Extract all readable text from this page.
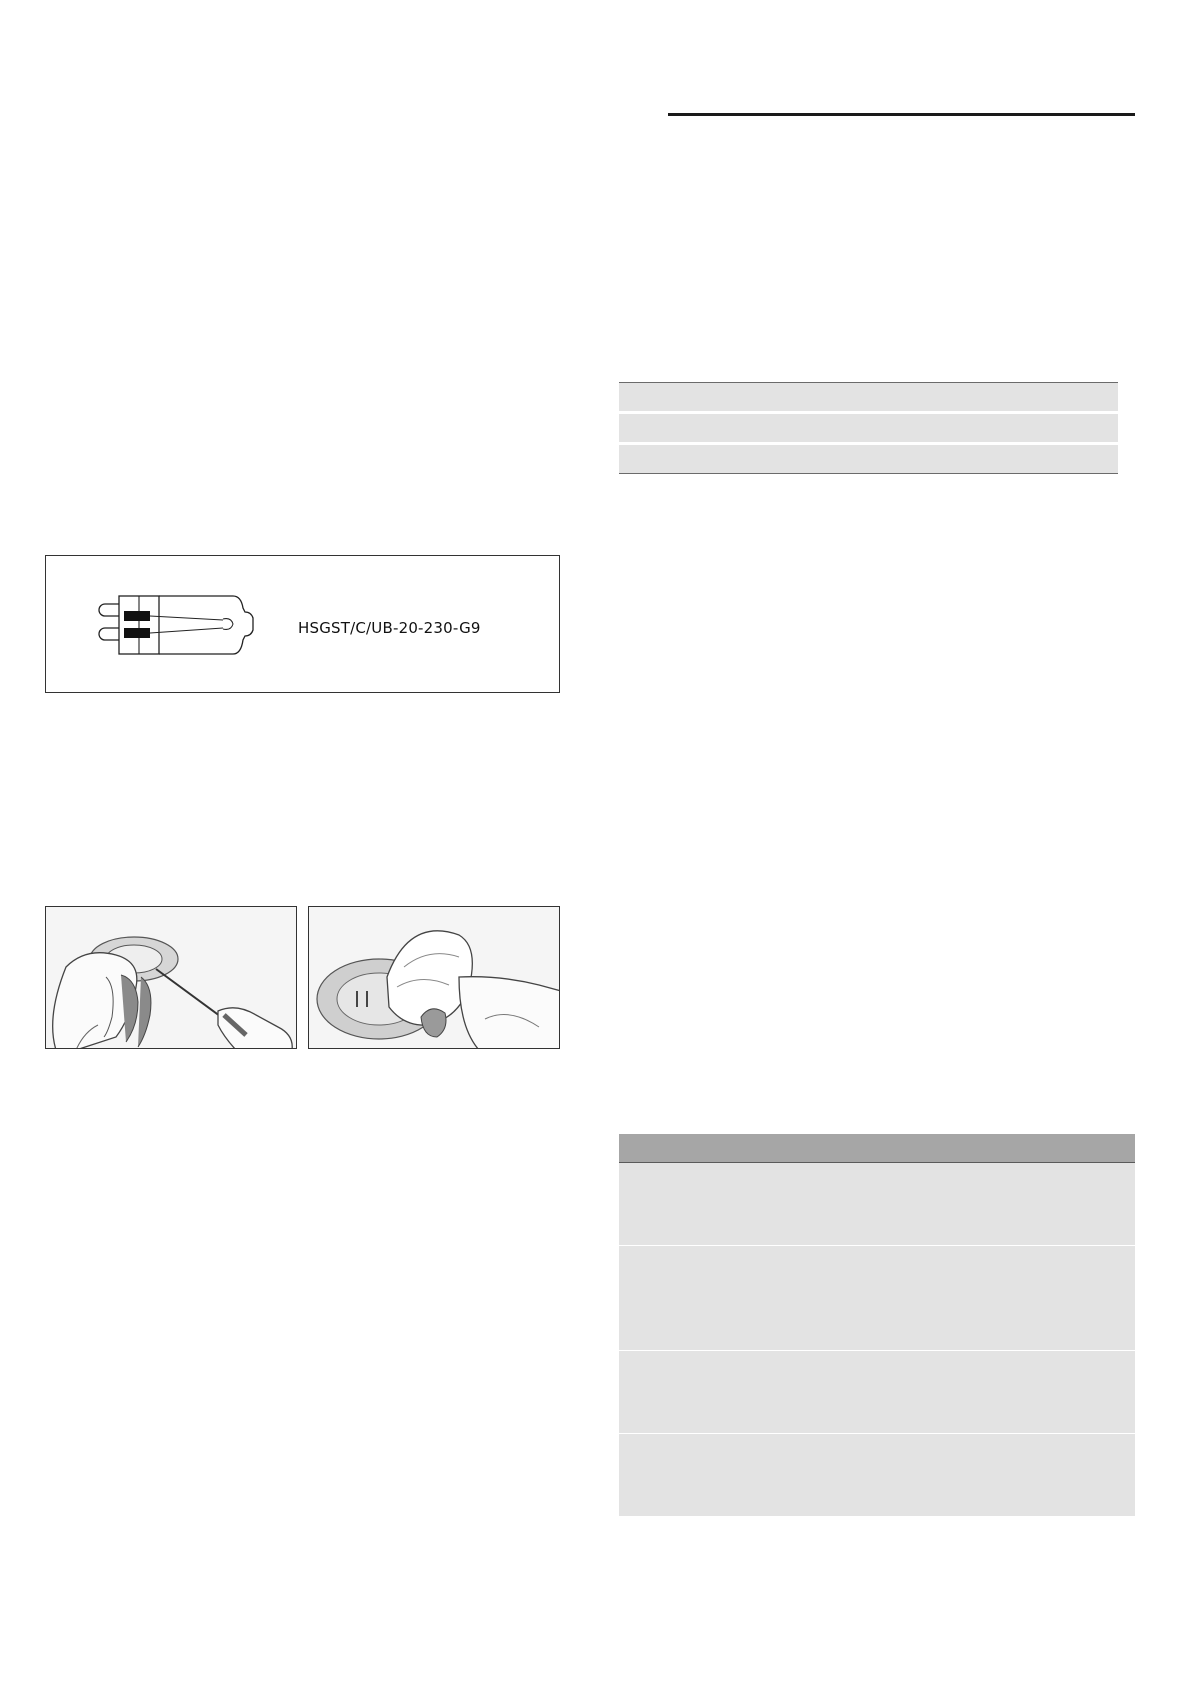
HSGST/C/UB-20-230-G9
